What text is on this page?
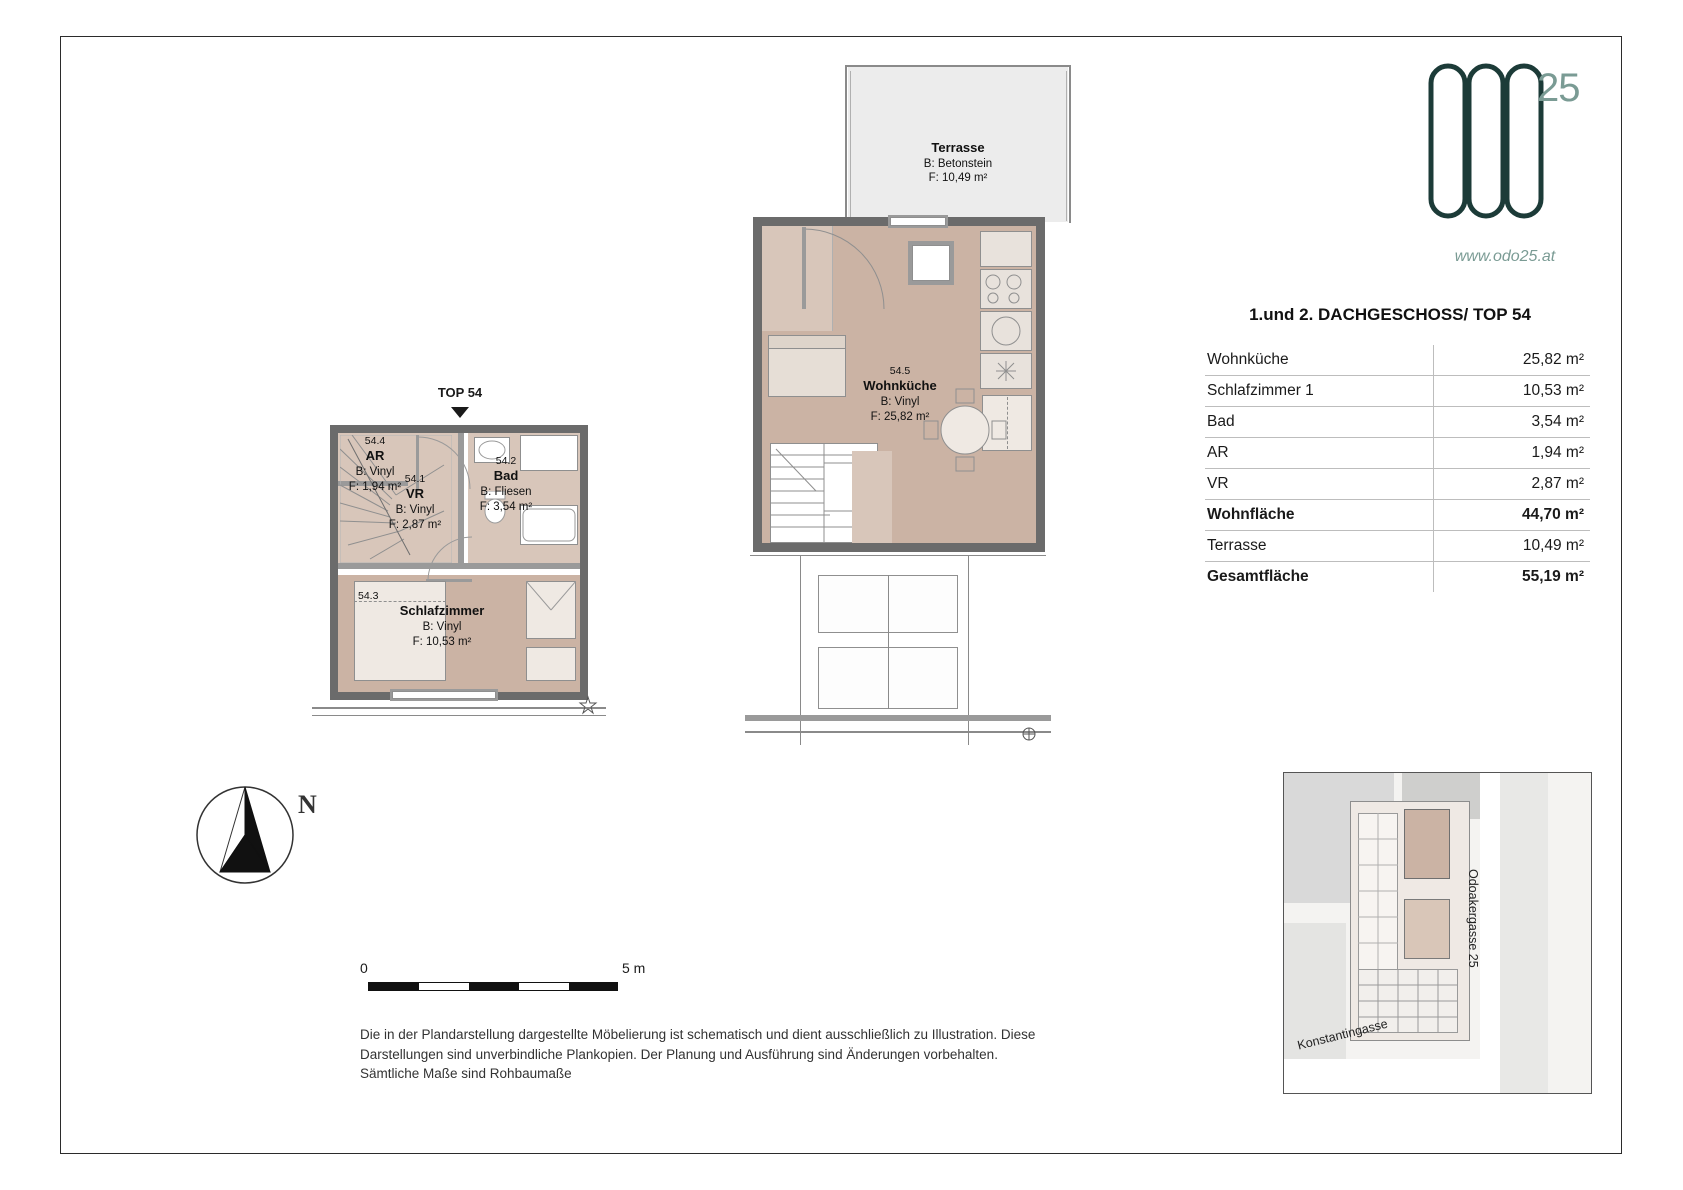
25
www.odo25.at
1.und 2. DACHGESCHOSS/ TOP 54
Wohnküche	25,82 m²
Schlafzimmer 1	10,53 m²
Bad	3,54 m²
AR	1,94 m²
VR	2,87 m²
Wohnfläche	44,70 m²
Terrasse	10,49 m²
Gesamtfläche	55,19 m²
Terrasse
B: Betonstein
F: 10,49 m²
54.5
Wohnküche
B: Vinyl
F: 25,82 m²
TOP 54
54.4
AR
B: Vinyl
F: 1,94 m²
54.1
VR
B: Vinyl
F: 2,87 m²
54.2
Bad
B: Fliesen
F: 3,54 m²
54.3
Schlafzimmer
B: Vinyl
F: 10,53 m²
N
0	5 m
Die in der Plandarstellung dargestellte Möbelierung ist schematisch und dient ausschließlich zu Illustration. Diese Darstellungen sind unverbindliche Plankopien. Der Planung und Ausführung sind Änderungen vorbehalten. Sämtliche Maße sind Rohbaumaße
Odoakergasse 25
Konstantingasse
